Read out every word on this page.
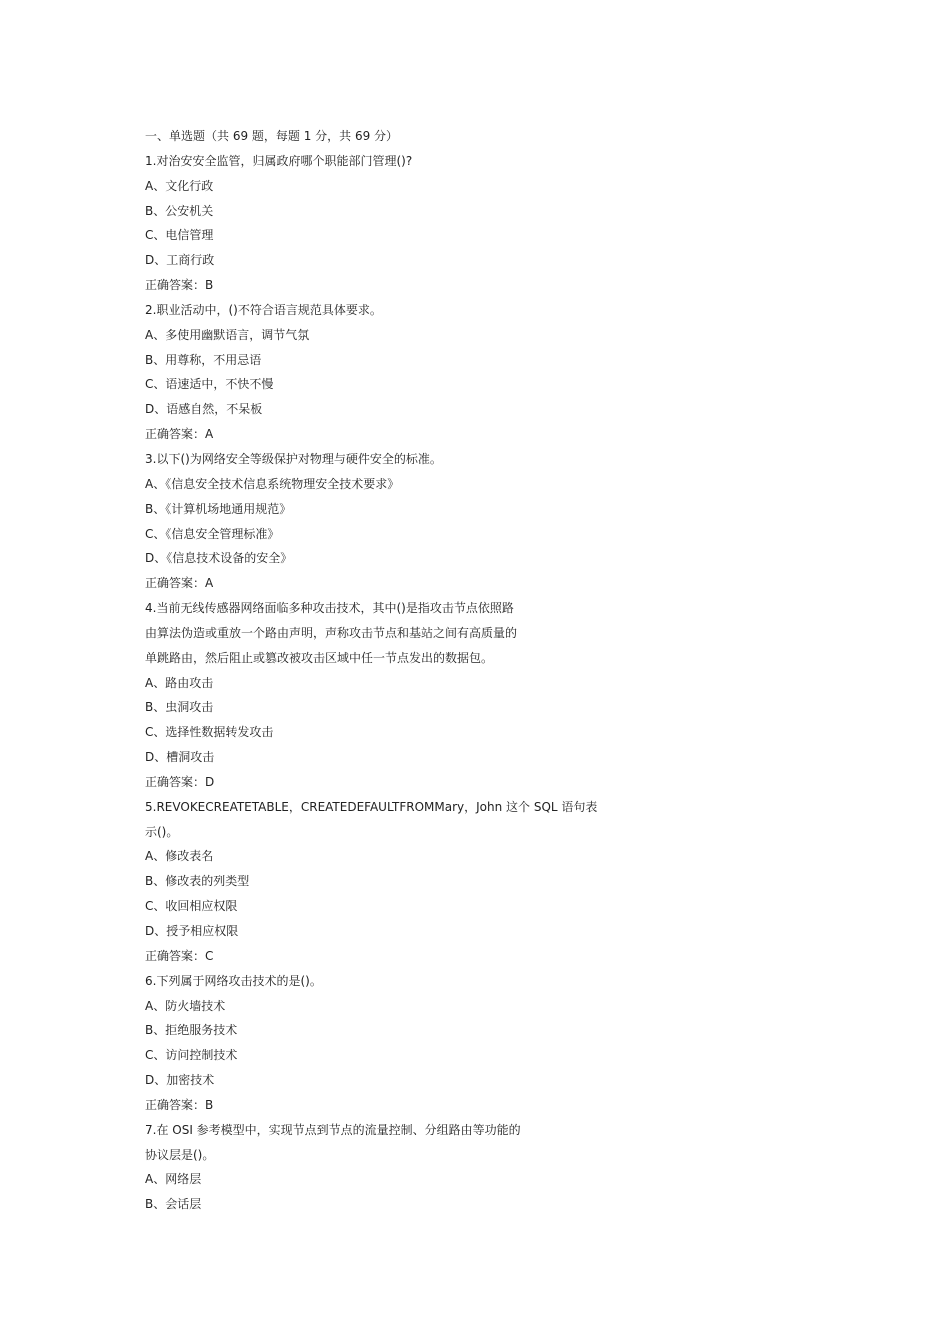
一、单选题（共 69 题，每题 1 分，共 69 分）
1.对治安安全监管，归属政府哪个职能部门管理()?
A、文化行政
B、公安机关
C、电信管理
D、工商行政
正确答案：B
2.职业活动中，()不符合语言规范具体要求。
A、多使用幽默语言，调节气氛
B、用尊称，不用忌语
C、语速适中，不快不慢
D、语感自然，不呆板
正确答案：A
3.以下()为网络安全等级保护对物理与硬件安全的标准。
A、《信息安全技术信息系统物理安全技术要求》
B、《计算机场地通用规范》
C、《信息安全管理标准》
D、《信息技术设备的安全》
正确答案：A
4.当前无线传感器网络面临多种攻击技术，其中()是指攻击节点依照路
由算法伪造或重放一个路由声明，声称攻击节点和基站之间有高质量的
单跳路由，然后阻止或篡改被攻击区域中任一节点发出的数据包。
A、路由攻击
B、虫洞攻击
C、选择性数据转发攻击
D、槽洞攻击
正确答案：D
5.REVOKECREATETABLE，CREATEDEFAULTFROMMary，John 这个 SQL 语句表
示()。
A、修改表名
B、修改表的列类型
C、收回相应权限
D、授予相应权限
正确答案：C
6.下列属于网络攻击技术的是()。
A、防火墙技术
B、拒绝服务技术
C、访问控制技术
D、加密技术
正确答案：B
7.在 OSI 参考模型中，实现节点到节点的流量控制、分组路由等功能的
协议层是()。
A、网络层
B、会话层
